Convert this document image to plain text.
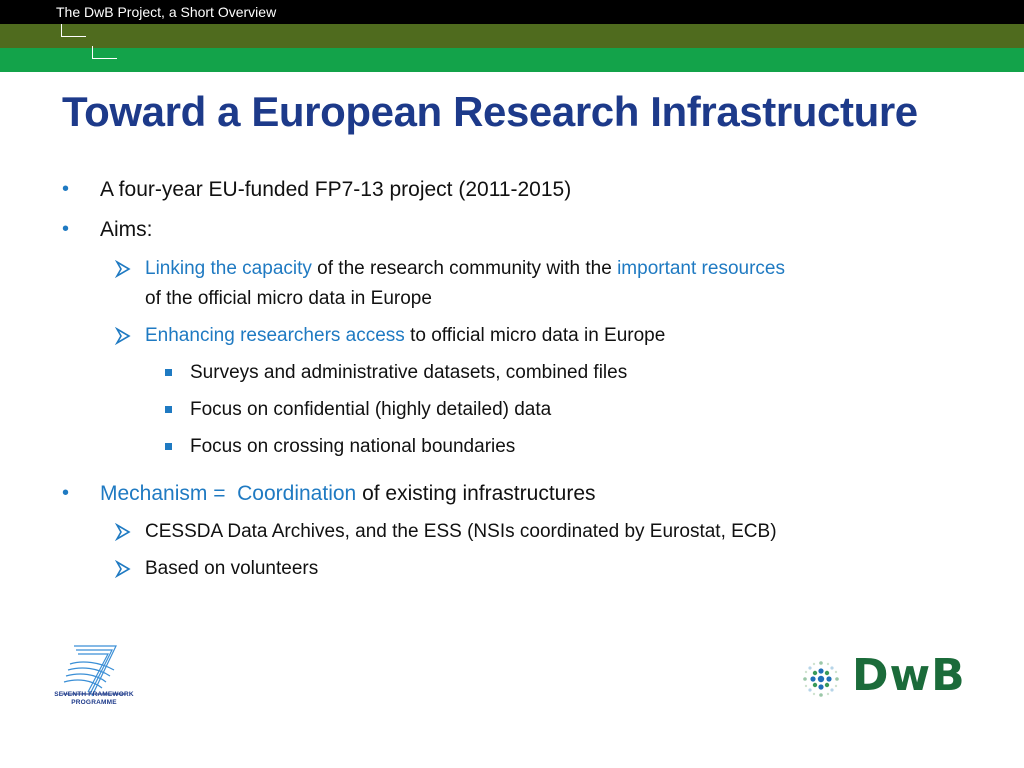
The DwB Project, a Short Overview
Toward a European Research Infrastructure
• A four-year EU-funded FP7-13 project (2011-2015)
• Aims:
Linking the capacity of the research community with the important resources
of the official micro data in Europe
Enhancing researchers access to official micro data in Europe
Surveys and administrative datasets, combined files
Focus on confidential (highly detailed) data
Focus on crossing national boundaries
• Mechanism = Coordination of existing infrastructures
CESSDA Data Archives, and the ESS (NSIs coordinated by Eurostat, ECB)
Based on volunteers
SEVENTH FRAMEWORK
PROGRAMME
DwB
